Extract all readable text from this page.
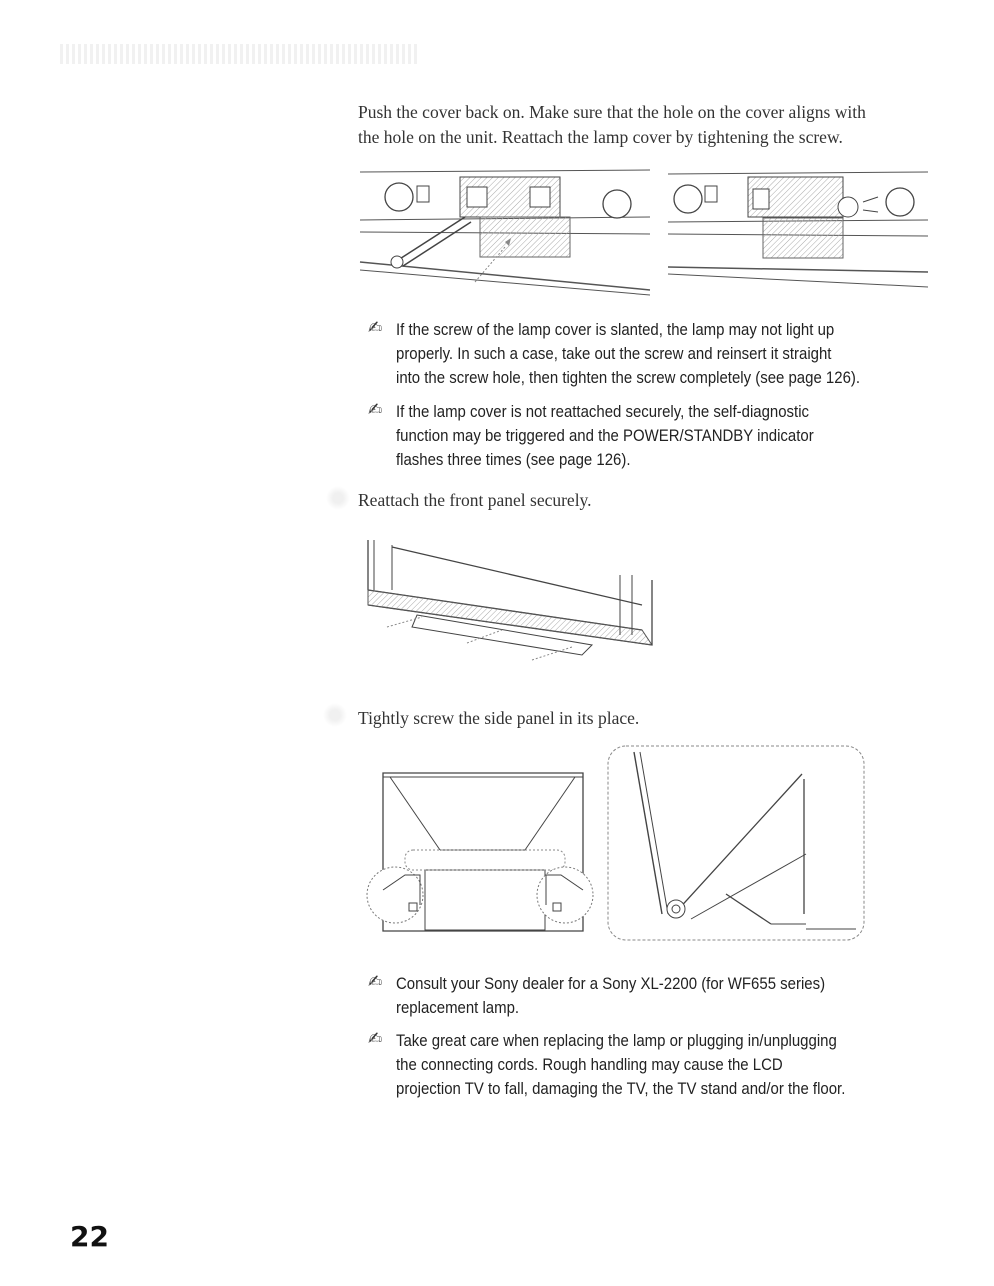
Push the cover back on. Make sure that the hole on the cover aligns with
the hole on the unit. Reattach the lamp cover by tightening the screw.
✍ If the screw of the lamp cover is slanted, the lamp may not light up
properly. In such a case, take out the screw and reinsert it straight
into the screw hole, then tighten the screw completely (see page 126).
✍ If the lamp cover is not reattached securely, the self-diagnostic
function may be triggered and the POWER/STANDBY indicator
flashes three times (see page 126).
Reattach the front panel securely.
Tightly screw the side panel in its place.
✍ Consult your Sony dealer for a Sony XL-2200 (for WF655 series)
replacement lamp.
✍ Take great care when replacing the lamp or plugging in/unplugging
the connecting cords. Rough handling may cause the LCD
projection TV to fall, damaging the TV, the TV stand and/or the floor.
22
